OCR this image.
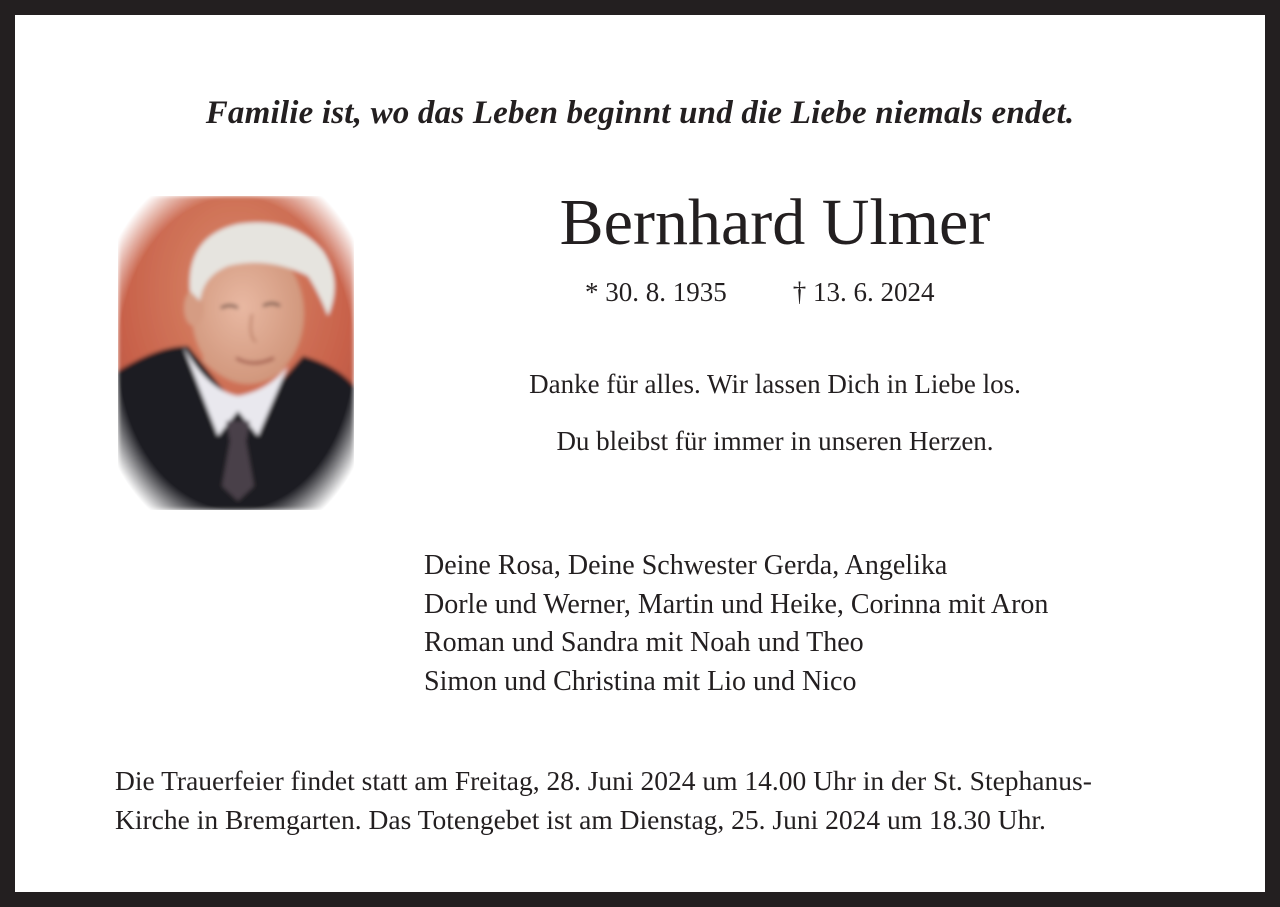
Familie ist, wo das Leben beginnt und die Liebe niemals endet.
Bernhard Ulmer
* 30. 8. 1935 † 13. 6. 2024
Danke für alles. Wir lassen Dich in Liebe los.
Du bleibst für immer in unseren Herzen.
Deine Rosa, Deine Schwester Gerda, Angelika
Dorle und Werner, Martin und Heike, Corinna mit Aron
Roman und Sandra mit Noah und Theo
Simon und Christina mit Lio und Nico
Die Trauerfeier findet statt am Freitag, 28. Juni 2024 um 14.00 Uhr in der St. Stephanus-
Kirche in Bremgarten. Das Totengebet ist am Dienstag, 25. Juni 2024 um 18.30 Uhr.
